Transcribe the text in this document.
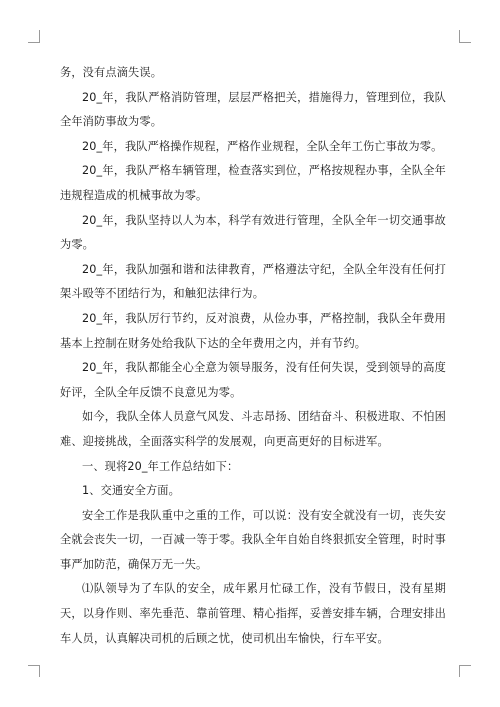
务，没有点滴失误。

20_年，我队严格消防管理，层层严格把关，措施得力，管理到位，我队全年消防事故为零。

20_年，我队严格操作规程，严格作业规程，全队全年工伤亡事故为零。

20_年，我队严格车辆管理，检查落实到位，严格按规程办事，全队全年违规程造成的机械事故为零。

20_年，我队坚持以人为本，科学有效进行管理，全队全年一切交通事故为零。

20_年，我队加强和谐和法律教育，严格遵法守纪，全队全年没有任何打架斗殴等不团结行为，和触犯法律行为。

20_年，我队厉行节约，反对浪费，从俭办事，严格控制，我队全年费用基本上控制在财务处给我队下达的全年费用之内，并有节约。

20_年，我队都能全心全意为领导服务，没有任何失误，受到领导的高度好评，全队全年反馈不良意见为零。

如今，我队全体人员意气风发、斗志昂扬、团结奋斗、积极进取、不怕困难、迎接挑战，全面落实科学的发展观，向更高更好的目标进军。

一、现将20_年工作总结如下：

1、交通安全方面。

安全工作是我队重中之重的工作，可以说：没有安全就没有一切，丧失安全就会丧失一切，一百减一等于零。我队全年自始自终狠抓安全管理，时时事事严加防范，确保万无一失。

⑴队领导为了车队的安全，成年累月忙碌工作，没有节假日，没有星期天，以身作则、率先垂范、靠前管理、精心指挥，妥善安排车辆，合理安排出车人员，认真解决司机的后顾之忧，使司机出车愉快，行车平安。
